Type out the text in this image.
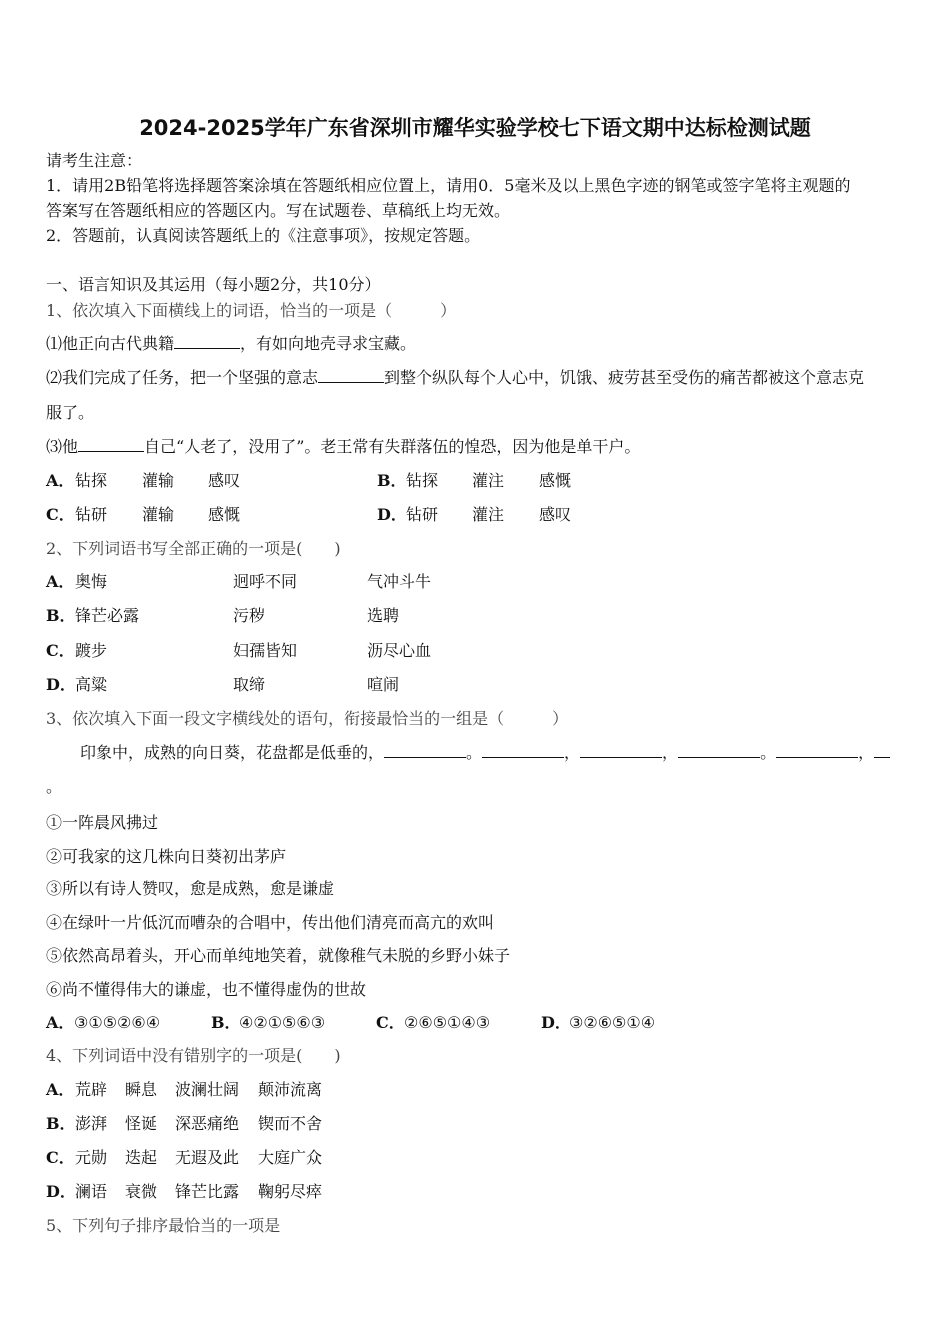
2024-2025学年广东省深圳市耀华实验学校七下语文期中达标检测试题
请考生注意：
1．请用2B铅笔将选择题答案涂填在答题纸相应位置上，请用0．5毫米及以上黑色字迹的钢笔或签字笔将主观题的
答案写在答题纸相应的答题区内。写在试题卷、草稿纸上均无效。
2．答题前，认真阅读答题纸上的《注意事项》，按规定答题。
一、语言知识及其运用（每小题2分，共10分）
1、依次填入下面横线上的词语，恰当的一项是（　　　）
⑴他正向古代典籍	，有如向地壳寻求宝藏。
⑵我们完成了任务，把一个坚强的意志	到整个纵队每个人心中，饥饿、疲劳甚至受伤的痛苦都被这个意志克
服了。
⑶他	自己“人老了，没用了”。老王常有失群落伍的惶恐，因为他是单干户。
A． 钻探 灌输 感叹	B． 钻探 灌注 感慨
C． 钻研 灌输 感慨	D． 钻研 灌注 感叹
2、下列词语书写全部正确的一项是(　　)
A． 奥悔	迥呼不同	气冲斗牛
B． 锋芒必露	污秽	选聘
C． 踱步	妇孺皆知	沥尽心血
D． 高粱	取缔	喧闹
3、依次填入下面一段文字横线处的语句，衔接最恰当的一组是（　　　）
印象中，成熟的向日葵，花盘都是低垂的，	。	，	，	。	，
。
①一阵晨风拂过
②可我家的这几株向日葵初出茅庐
③所以有诗人赞叹，愈是成熟，愈是谦虚
④在绿叶一片低沉而嘈杂的合唱中，传出他们清亮而高亢的欢叫
⑤依然高昂着头，开心而单纯地笑着，就像稚气未脱的乡野小妹子
⑥尚不懂得伟大的谦虚，也不懂得虚伪的世故
A． ③①⑤②⑥④	B．
④②①⑤⑥③	C． ②⑥⑤①④③	D．
③②⑥⑤①④
4、下列词语中没有错别字的一项是(　　)
A． 荒辟 瞬息 波澜壮阔 颠沛流离
B． 澎湃 怪诞 深恶痛绝 锲而不舍
C． 元勋 迭起 无遐及此 大庭广众
D． 澜语 衰微 锋芒比露 鞠躬尽瘁
5、下列句子排序最恰当的一项是
